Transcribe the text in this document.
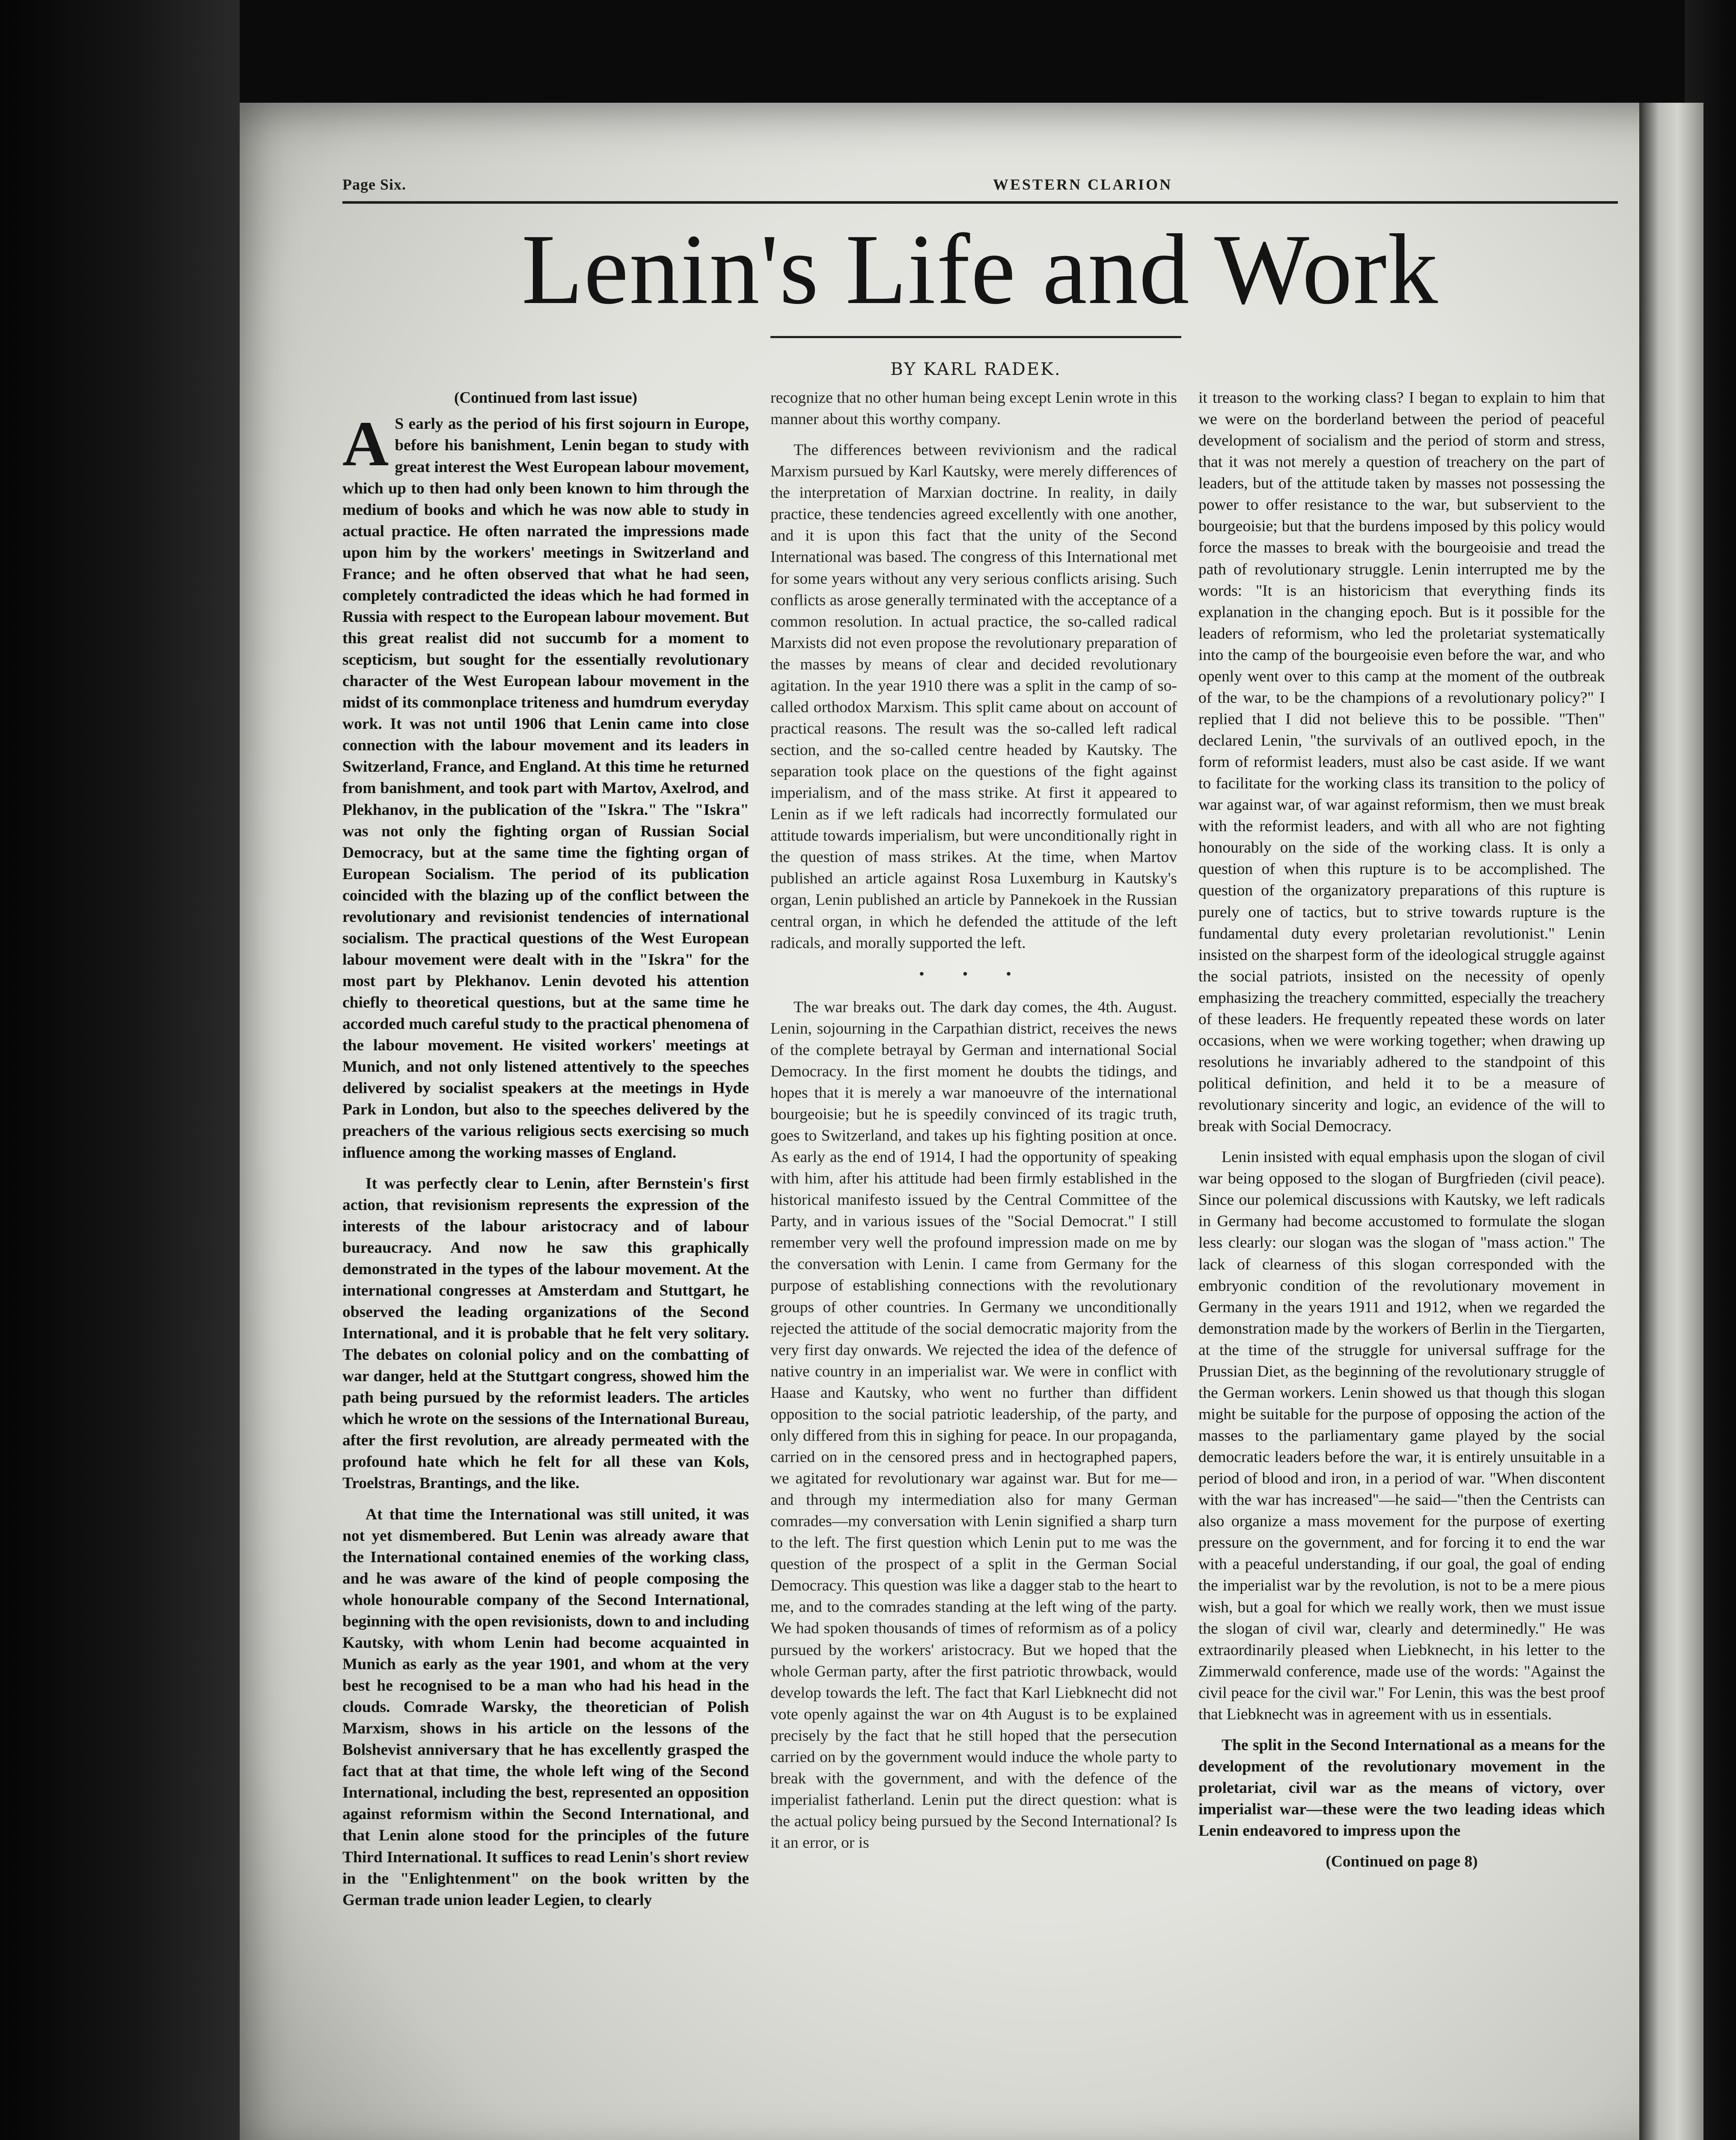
Page Six.	WESTERN CLARION
Lenin's Life and Work
BY KARL RADEK.
(Continued from last issue)

A S early as the period of his first sojourn in Europe, before his banishment, Lenin began to study with great interest the West European labour movement, which up to then had only been known to him through the medium of books and which he was now able to study in actual practice. He often narrated the impressions made upon him by the workers' meetings in Switzerland and France; and he often observed that what he had seen, completely contradicted the ideas which he had formed in Russia with respect to the European labour movement. But this great realist did not succumb for a moment to scepticism, but sought for the essentially revolutionary character of the West European labour movement in the midst of its commonplace triteness and humdrum everyday work. It was not until 1906 that Lenin came into close connection with the labour movement and its leaders in Switzerland, France, and England. At this time he returned from banishment, and took part with Martov, Axelrod, and Plekhanov, in the publication of the "Iskra." The "Iskra" was not only the fighting organ of Russian Social Democracy, but at the same time the fighting organ of European Socialism. The period of its publication coincided with the blazing up of the conflict between the revolutionary and revisionist tendencies of international socialism. The practical questions of the West European labour movement were dealt with in the "Iskra" for the most part by Plekhanov. Lenin devoted his attention chiefly to theoretical questions, but at the same time he accorded much careful study to the practical phenomena of the labour movement. He visited workers' meetings at Munich, and not only listened attentively to the speeches delivered by socialist speakers at the meetings in Hyde Park in London, but also to the speeches delivered by the preachers of the various religious sects exercising so much influence among the working masses of England.

It was perfectly clear to Lenin, after Bernstein's first action, that revisionism represents the expression of the interests of the labour aristocracy and of labour bureaucracy. And now he saw this graphically demonstrated in the types of the labour movement. At the international congresses at Amsterdam and Stuttgart, he observed the leading organizations of the Second International, and it is probable that he felt very solitary. The debates on colonial policy and on the combatting of war danger, held at the Stuttgart congress, showed him the path being pursued by the reformist leaders. The articles which he wrote on the sessions of the International Bureau, after the first revolution, are already permeated with the profound hate which he felt for all these van Kols, Troelstras, Brantings, and the like.

At that time the International was still united, it was not yet dismembered. But Lenin was already aware that the International contained enemies of the working class, and he was aware of the kind of people composing the whole honourable company of the Second International, beginning with the open revisionists, down to and including Kautsky, with whom Lenin had become acquainted in Munich as early as the year 1901, and whom at the very best he recognised to be a man who had his head in the clouds. Comrade Warsky, the theoretician of Polish Marxism, shows in his article on the lessons of the Bolshevist anniversary that he has excellently grasped the fact that at that time, the whole left wing of the Second International, including the best, represented an opposition against reformism within the Second International, and that Lenin alone stood for the principles of the future Third International. It suffices to read Lenin's short review in the "Enlightenment" on the book written by the German trade union leader Legien, to clearly

recognize that no other human being except Lenin wrote in this manner about this worthy company.

The differences between revivionism and the radical Marxism pursued by Karl Kautsky, were merely differences of the interpretation of Marxian doctrine. In reality, in daily practice, these tendencies agreed excellently with one another, and it is upon this fact that the unity of the Second International was based. The congress of this International met for some years without any very serious conflicts arising. Such conflicts as arose generally terminated with the acceptance of a common resolution. In actual practice, the so-called radical Marxists did not even propose the revolutionary preparation of the masses by means of clear and decided revolutionary agitation. In the year 1910 there was a split in the camp of so-called orthodox Marxism. This split came about on account of practical reasons. The result was the so-called left radical section, and the so-called centre headed by Kautsky. The separation took place on the questions of the fight against imperialism, and of the mass strike. At first it appeared to Lenin as if we left radicals had incorrectly formulated our attitude towards imperialism, but were unconditionally right in the question of mass strikes. At the time, when Martov published an article against Rosa Luxemburg in Kautsky's organ, Lenin published an article by Pannekoek in the Russian central organ, in which he defended the attitude of the left radicals, and morally supported the left.

• • •

The war breaks out. The dark day comes, the 4th. August. Lenin, sojourning in the Carpathian district, receives the news of the complete betrayal by German and international Social Democracy. In the first moment he doubts the tidings, and hopes that it is merely a war manoeuvre of the international bourgeoisie; but he is speedily convinced of its tragic truth, goes to Switzerland, and takes up his fighting position at once. As early as the end of 1914, I had the opportunity of speaking with him, after his attitude had been firmly established in the historical manifesto issued by the Central Committee of the Party, and in various issues of the "Social Democrat." I still remember very well the profound impression made on me by the conversation with Lenin. I came from Germany for the purpose of establishing connections with the revolutionary groups of other countries. In Germany we unconditionally rejected the attitude of the social democratic majority from the very first day onwards. We rejected the idea of the defence of native country in an imperialist war. We were in conflict with Haase and Kautsky, who went no further than diffident opposition to the social patriotic leadership, of the party, and only differed from this in sighing for peace. In our propaganda, carried on in the censored press and in hectographed papers, we agitated for revolutionary war against war. But for me—and through my intermediation also for many German comrades—my conversation with Lenin signified a sharp turn to the left. The first question which Lenin put to me was the question of the prospect of a split in the German Social Democracy. This question was like a dagger stab to the heart to me, and to the comrades standing at the left wing of the party. We had spoken thousands of times of reformism as of a policy pursued by the workers' aristocracy. But we hoped that the whole German party, after the first patriotic throwback, would develop towards the left. The fact that Karl Liebknecht did not vote openly against the war on 4th August is to be explained precisely by the fact that he still hoped that the persecution carried on by the government would induce the whole party to break with the government, and with the defence of the imperialist fatherland. Lenin put the direct question: what is the actual policy being pursued by the Second International? Is it an error, or is

it treason to the working class? I began to explain to him that we were on the borderland between the period of peaceful development of socialism and the period of storm and stress, that it was not merely a question of treachery on the part of leaders, but of the attitude taken by masses not possessing the power to offer resistance to the war, but subservient to the bourgeoisie; but that the burdens imposed by this policy would force the masses to break with the bourgeoisie and tread the path of revolutionary struggle. Lenin interrupted me by the words: "It is an historicism that everything finds its explanation in the changing epoch. But is it possible for the leaders of reformism, who led the proletariat systematically into the camp of the bourgeoisie even before the war, and who openly went over to this camp at the moment of the outbreak of the war, to be the champions of a revolutionary policy?" I replied that I did not believe this to be possible. "Then" declared Lenin, "the survivals of an outlived epoch, in the form of reformist leaders, must also be cast aside. If we want to facilitate for the working class its transition to the policy of war against war, of war against reformism, then we must break with the reformist leaders, and with all who are not fighting honourably on the side of the working class. It is only a question of when this rupture is to be accomplished. The question of the organizatory preparations of this rupture is purely one of tactics, but to strive towards rupture is the fundamental duty every proletarian revolutionist." Lenin insisted on the sharpest form of the ideological struggle against the social patriots, insisted on the necessity of openly emphasizing the treachery committed, especially the treachery of these leaders. He frequently repeated these words on later occasions, when we were working together; when drawing up resolutions he invariably adhered to the standpoint of this political definition, and held it to be a measure of revolutionary sincerity and logic, an evidence of the will to break with Social Democracy.

Lenin insisted with equal emphasis upon the slogan of civil war being opposed to the slogan of Burgfrieden (civil peace). Since our polemical discussions with Kautsky, we left radicals in Germany had become accustomed to formulate the slogan less clearly: our slogan was the slogan of "mass action." The lack of clearness of this slogan corresponded with the embryonic condition of the revolutionary movement in Germany in the years 1911 and 1912, when we regarded the demonstration made by the workers of Berlin in the Tiergarten, at the time of the struggle for universal suffrage for the Prussian Diet, as the beginning of the revolutionary struggle of the German workers. Lenin showed us that though this slogan might be suitable for the purpose of opposing the action of the masses to the parliamentary game played by the social democratic leaders before the war, it is entirely unsuitable in a period of blood and iron, in a period of war. "When discontent with the war has increased"—he said—"then the Centrists can also organize a mass movement for the purpose of exerting pressure on the government, and for forcing it to end the war with a peaceful understanding, if our goal, the goal of ending the imperialist war by the revolution, is not to be a mere pious wish, but a goal for which we really work, then we must issue the slogan of civil war, clearly and determinedly." He was extraordinarily pleased when Liebknecht, in his letter to the Zimmerwald conference, made use of the words: "Against the civil peace for the civil war." For Lenin, this was the best proof that Liebknecht was in agreement with us in essentials.

The split in the Second International as a means for the development of the revolutionary movement in the proletariat, civil war as the means of victory, over imperialist war—these were the two leading ideas which Lenin endeavored to impress upon the

(Continued on page 8)
